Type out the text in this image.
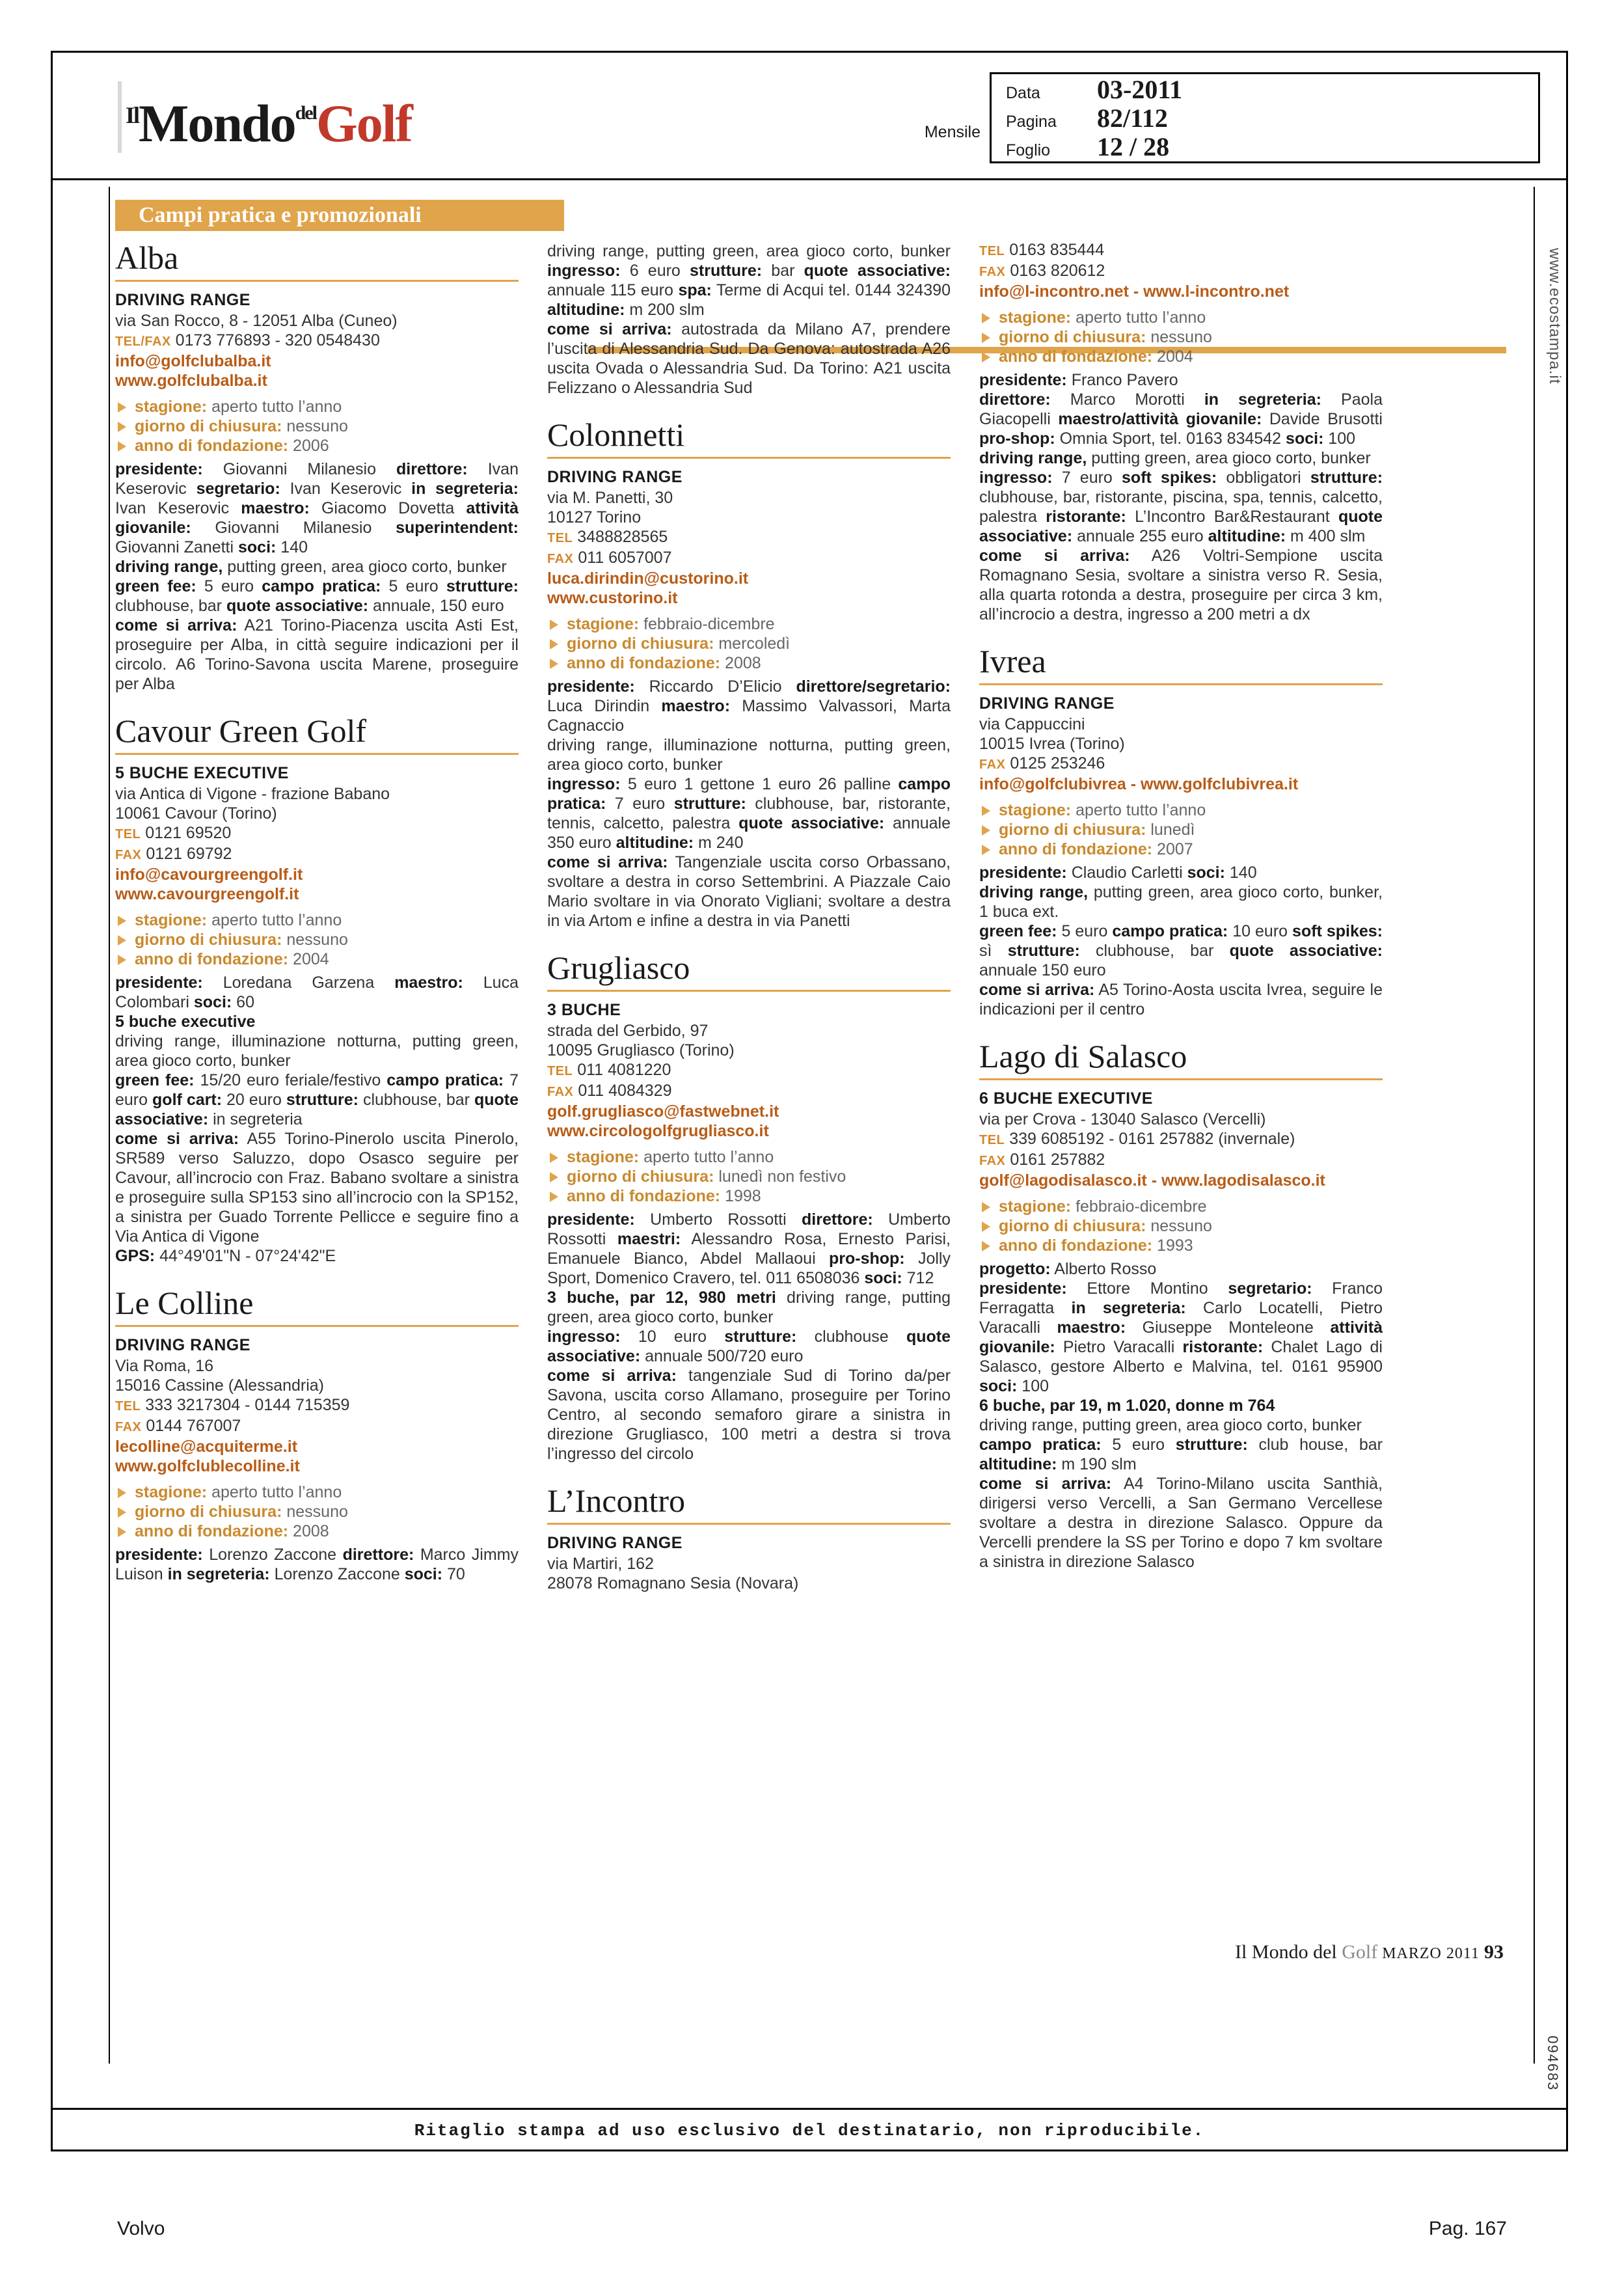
$^{Il}$Mondo$^{del}$Golf	Mensile
Data	03-2011
Pagina	82/112
Foglio	12 / 28
www.ecostampa.it
094683
Campi pratica e promozionali
Alba
DRIVING RANGE
via San Rocco, 8 - 12051 Alba (Cuneo)
TEL/FAX 0173 776893 - 320 0548430
info@golfclubalba.it
www.golfclubalba.it
stagione: aperto tutto l’anno
giorno di chiusura: nessuno
anno di fondazione: 2006
presidente: Giovanni Milanesio direttore: Ivan Keserovic segretario: Ivan Keserovic in segreteria: Ivan Keserovic maestro: Giacomo Dovetta attività giovanile: Giovanni Milanesio superintendent: Giovanni Zanetti soci: 140
driving range, putting green, area gioco corto, bunker
green fee: 5 euro campo pratica: 5 euro strutture: clubhouse, bar quote associative: annuale, 150 euro
come si arriva: A21 Torino-Piacenza uscita Asti Est, proseguire per Alba, in città seguire indicazioni per il circolo. A6 Torino-Savona uscita Marene, proseguire per Alba
Cavour Green Golf
5 BUCHE EXECUTIVE
via Antica di Vigone - frazione Babano
10061 Cavour (Torino)
TEL 0121 69520
FAX 0121 69792
info@cavourgreengolf.it
www.cavourgreengolf.it
stagione: aperto tutto l’anno
giorno di chiusura: nessuno
anno di fondazione: 2004
presidente: Loredana Garzena maestro: Luca Colombari soci: 60
5 buche executive
driving range, illuminazione notturna, putting green, area gioco corto, bunker
green fee: 15/20 euro feriale/festivo campo pratica: 7 euro golf cart: 20 euro strutture: clubhouse, bar quote associative: in segreteria
come si arriva: A55 Torino-Pinerolo uscita Pinerolo, SR589 verso Saluzzo, dopo Osasco seguire per Cavour, all’incrocio con Fraz. Babano svoltare a sinistra e proseguire sulla SP153 sino all’incrocio con la SP152, a sinistra per Guado Torrente Pellicce e seguire fino a Via Antica di Vigone
GPS: 44°49'01"N - 07°24'42"E
Le Colline
DRIVING RANGE
Via Roma, 16
15016 Cassine (Alessandria)
TEL 333 3217304 - 0144 715359
FAX 0144 767007
lecolline@acquiterme.it
www.golfclublecolline.it
stagione: aperto tutto l’anno
giorno di chiusura: nessuno
anno di fondazione: 2008
presidente: Lorenzo Zaccone direttore: Marco Jimmy Luison in segreteria: Lorenzo Zaccone soci: 70
driving range, putting green, area gioco corto, bunker ingresso: 6 euro strutture: bar quote associative: annuale 115 euro spa: Terme di Acqui tel. 0144 324390 altitudine: m 200 slm
come si arriva: autostrada da Milano A7, prendere l’uscita di Alessandria Sud. Da Genova: autostrada A26 uscita Ovada o Alessandria Sud. Da Torino: A21 uscita Felizzano o Alessandria Sud
Colonnetti
DRIVING RANGE
via M. Panetti, 30
10127 Torino
TEL 3488828565
FAX 011 6057007
luca.dirindin@custorino.it
www.custorino.it
stagione: febbraio-dicembre
giorno di chiusura: mercoledì
anno di fondazione: 2008
presidente: Riccardo D’Elicio direttore/segretario: Luca Dirindin maestro: Massimo Valvassori, Marta Cagnaccio
driving range, illuminazione notturna, putting green, area gioco corto, bunker
ingresso: 5 euro 1 gettone 1 euro 26 palline campo pratica: 7 euro strutture: clubhouse, bar, ristorante, tennis, calcetto, palestra quote associative: annuale 350 euro altitudine: m 240
come si arriva: Tangenziale uscita corso Orbassano, svoltare a destra in corso Settembrini. A Piazzale Caio Mario svoltare in via Onorato Vigliani; svoltare a destra in via Artom e infine a destra in via Panetti
Grugliasco
3 BUCHE
strada del Gerbido, 97
10095 Grugliasco (Torino)
TEL 011 4081220
FAX 011 4084329
golf.grugliasco@fastwebnet.it
www.circologolfgrugliasco.it
stagione: aperto tutto l’anno
giorno di chiusura: lunedì non festivo
anno di fondazione: 1998
presidente: Umberto Rossotti direttore: Umberto Rossotti maestri: Alessandro Rosa, Ernesto Parisi, Emanuele Bianco, Abdel Mallaoui pro-shop: Jolly Sport, Domenico Cravero, tel. 011 6508036 soci: 712
3 buche, par 12, 980 metri driving range, putting green, area gioco corto, bunker
ingresso: 10 euro strutture: clubhouse quote associative: annuale 500/720 euro
come si arriva: tangenziale Sud di Torino da/per Savona, uscita corso Allamano, proseguire per Torino Centro, al secondo semaforo girare a sinistra in direzione Grugliasco, 100 metri a destra si trova l’ingresso del circolo
L’Incontro
DRIVING RANGE
via Martiri, 162
28078 Romagnano Sesia (Novara)
TEL 0163 835444
FAX 0163 820612
info@l-incontro.net - www.l-incontro.net
stagione: aperto tutto l’anno
giorno di chiusura: nessuno
anno di fondazione: 2004
presidente: Franco Pavero
direttore: Marco Morotti in segreteria: Paola Giacopelli maestro/attività giovanile: Davide Brusotti pro-shop: Omnia Sport, tel. 0163 834542 soci: 100
driving range, putting green, area gioco corto, bunker
ingresso: 7 euro soft spikes: obbligatori strutture: clubhouse, bar, ristorante, piscina, spa, tennis, calcetto, palestra ristorante: L’Incontro Bar&Restaurant quote associative: annuale 255 euro altitudine: m 400 slm
come si arriva: A26 Voltri-Sempione uscita Romagnano Sesia, svoltare a sinistra verso R. Sesia, alla quarta rotonda a destra, proseguire per circa 3 km, all’incrocio a destra, ingresso a 200 metri a dx
Ivrea
DRIVING RANGE
via Cappuccini
10015 Ivrea (Torino)
FAX 0125 253246
info@golfclubivrea - www.golfclubivrea.it
stagione: aperto tutto l’anno
giorno di chiusura: lunedì
anno di fondazione: 2007
presidente: Claudio Carletti soci: 140
driving range, putting green, area gioco corto, bunker, 1 buca ext.
green fee: 5 euro campo pratica: 10 euro soft spikes: sì strutture: clubhouse, bar quote associative: annuale 150 euro
come si arriva: A5 Torino-Aosta uscita Ivrea, seguire le indicazioni per il centro
Lago di Salasco
6 BUCHE EXECUTIVE
via per Crova - 13040 Salasco (Vercelli)
TEL 339 6085192 - 0161 257882 (invernale)
FAX 0161 257882
golf@lagodisalasco.it - www.lagodisalasco.it
stagione: febbraio-dicembre
giorno di chiusura: nessuno
anno di fondazione: 1993
progetto: Alberto Rosso
presidente: Ettore Montino segretario: Franco Ferragatta in segreteria: Carlo Locatelli, Pietro Varacalli maestro: Giuseppe Monteleone attività giovanile: Pietro Varacalli ristorante: Chalet Lago di Salasco, gestore Alberto e Malvina, tel. 0161 95900 soci: 100
6 buche, par 19, m 1.020, donne m 764
driving range, putting green, area gioco corto, bunker
campo pratica: 5 euro strutture: club house, bar altitudine: m 190 slm
come si arriva: A4 Torino-Milano uscita Santhià, dirigersi verso Vercelli, a San Germano Vercellese svoltare a destra in direzione Salasco. Oppure da Vercelli prendere la SS per Torino e dopo 7 km svoltare a sinistra in direzione Salasco
Il Mondo del Golf MARZO 2011 93
Ritaglio stampa ad uso esclusivo del destinatario, non riproducibile.
Volvo	Pag. 167
